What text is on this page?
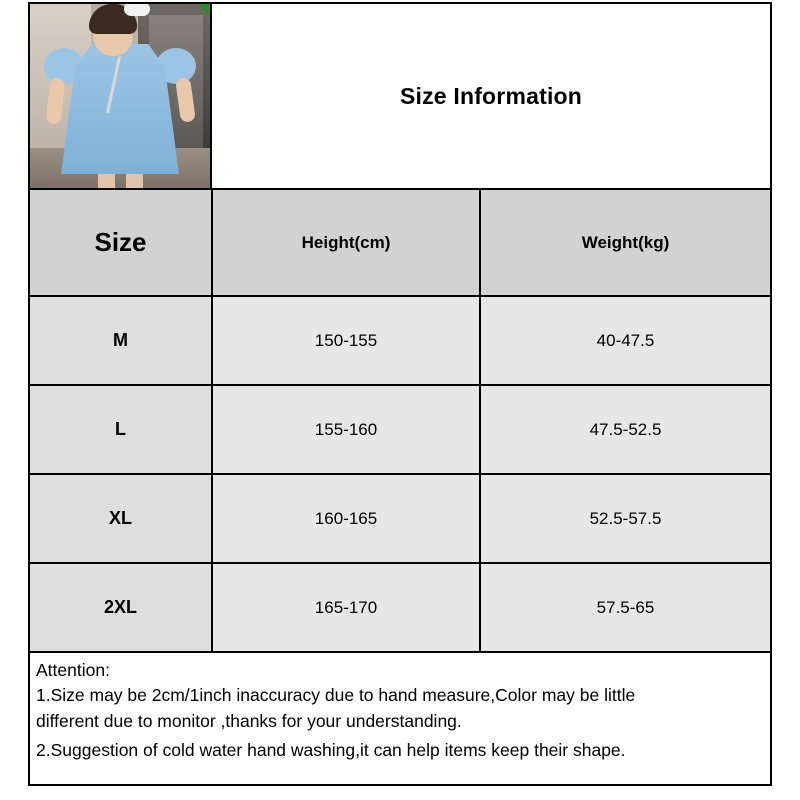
Size Information
Size	Height(cm)	Weight(kg)
M	150-155	40-47.5
L	155-160	47.5-52.5
XL	160-165	52.5-57.5
2XL	165-170	57.5-65

Attention:

1.Size may be 2cm/1inch inaccuracy due to hand measure,Color may be little

different due to monitor ,thanks for your understanding.

2.Suggestion of cold water hand washing,it can help items keep their shape.
